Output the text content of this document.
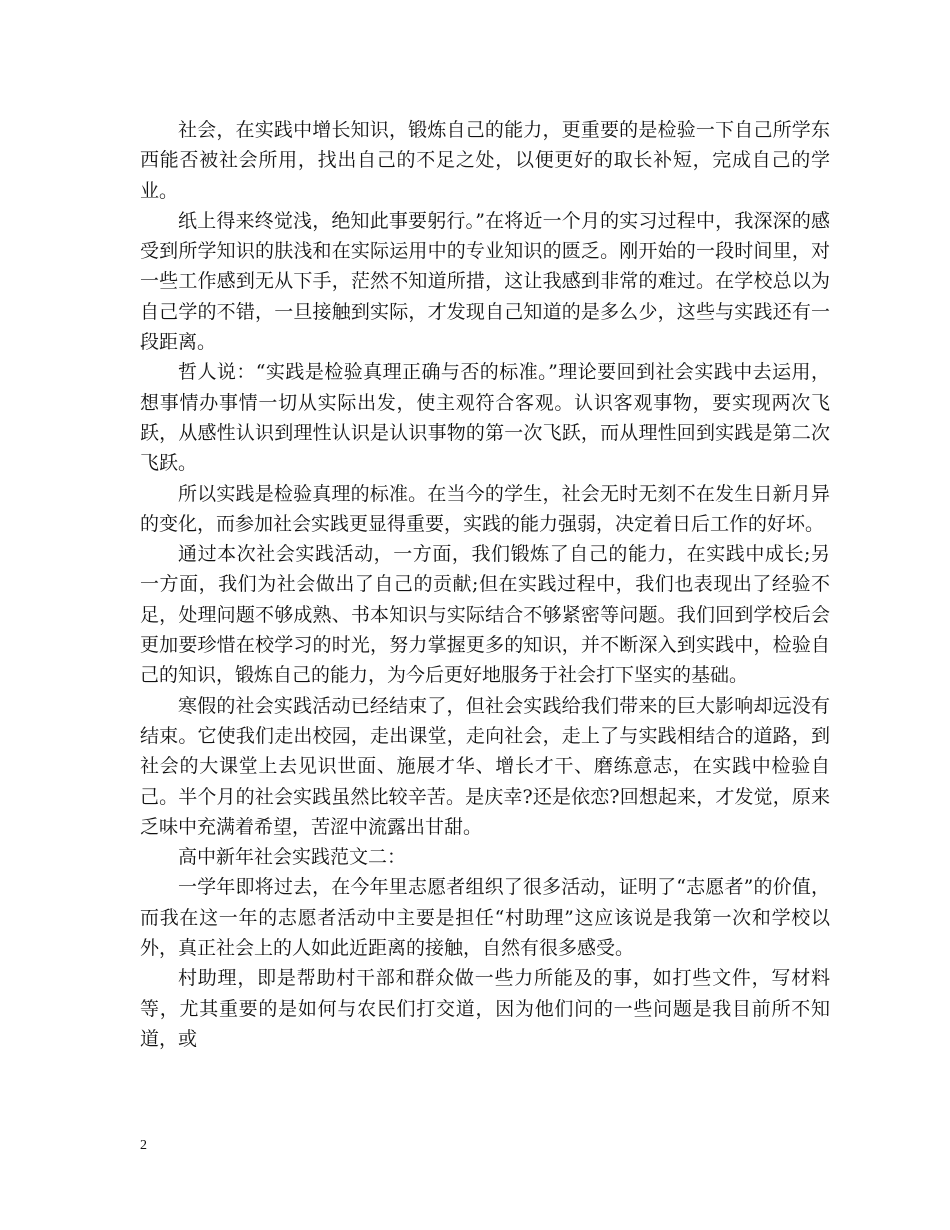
社会，在实践中增长知识，锻炼自己的能力，更重要的是检验一下自己所学东西能否被社会所用，找出自己的不足之处，以便更好的取长补短，完成自己的学业。

纸上得来终觉浅，绝知此事要躬行。”在将近一个月的实习过程中，我深深的感受到所学知识的肤浅和在实际运用中的专业知识的匮乏。刚开始的一段时间里，对一些工作感到无从下手，茫然不知道所措，这让我感到非常的难过。在学校总以为自己学的不错，一旦接触到实际，才发现自己知道的是多么少，这些与实践还有一段距离。

哲人说：“实践是检验真理正确与否的标准。”理论要回到社会实践中去运用，想事情办事情一切从实际出发，使主观符合客观。认识客观事物，要实现两次飞跃，从感性认识到理性认识是认识事物的第一次飞跃，而从理性回到实践是第二次飞跃。

所以实践是检验真理的标准。在当今的学生，社会无时无刻不在发生日新月异的变化，而参加社会实践更显得重要，实践的能力强弱，决定着日后工作的好坏。

通过本次社会实践活动，一方面，我们锻炼了自己的能力，在实践中成长;另一方面，我们为社会做出了自己的贡献;但在实践过程中，我们也表现出了经验不足，处理问题不够成熟、书本知识与实际结合不够紧密等问题。我们回到学校后会更加要珍惜在校学习的时光，努力掌握更多的知识，并不断深入到实践中，检验自己的知识，锻炼自己的能力，为今后更好地服务于社会打下坚实的基础。

寒假的社会实践活动已经结束了，但社会实践给我们带来的巨大影响却远没有结束。它使我们走出校园，走出课堂，走向社会，走上了与实践相结合的道路，到社会的大课堂上去见识世面、施展才华、增长才干、磨练意志，在实践中检验自己。半个月的社会实践虽然比较辛苦。是庆幸?还是依恋?回想起来，才发觉，原来乏味中充满着希望，苦涩中流露出甘甜。

高中新年社会实践范文二：

一学年即将过去，在今年里志愿者组织了很多活动，证明了“志愿者”的价值，而我在这一年的志愿者活动中主要是担任“村助理”这应该说是我第一次和学校以外，真正社会上的人如此近距离的接触，自然有很多感受。

村助理，即是帮助村干部和群众做一些力所能及的事，如打些文件，写材料等，尤其重要的是如何与农民们打交道，因为他们问的一些问题是我目前所不知道，或

2
